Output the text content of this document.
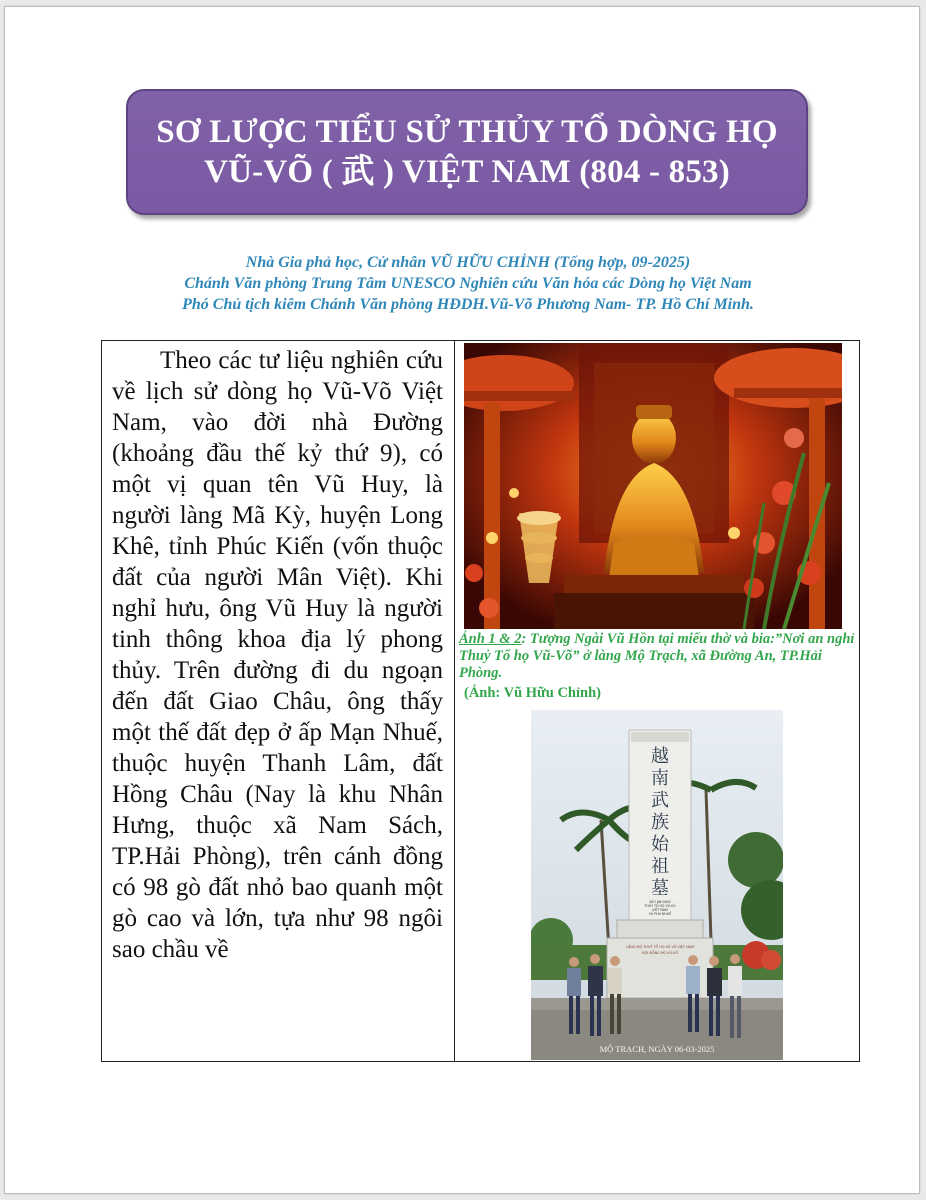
SƠ LƯỢC TIỂU SỬ THỦY TỔ DÒNG HỌ
VŨ-VÕ ( 武 ) VIỆT NAM (804 - 853)
Nhà Gia phả học, Cử nhân VŨ HỮU CHỈNH (Tổng hợp, 09-2025)
Chánh Văn phòng Trung Tâm UNESCO Nghiên cứu Văn hóa các Dòng họ Việt Nam
Phó Chủ tịch kiêm Chánh Văn phòng HĐDH.Vũ-Võ Phương Nam- TP. Hồ Chí Minh.
Theo các tư liệu nghiên cứu về lịch sử dòng họ Vũ-Võ Việt Nam, vào đời nhà Đường (khoảng đầu thế kỷ thứ 9), có một vị quan tên Vũ Huy, là người làng Mã Kỳ, huyện Long Khê, tỉnh Phúc Kiến (vốn thuộc đất của người Mân Việt). Khi nghỉ hưu, ông Vũ Huy là người tinh thông khoa địa lý phong thủy. Trên đường đi du ngoạn đến đất Giao Châu, ông thấy một thế đất đẹp ở ấp Mạn Nhuế, thuộc huyện Thanh Lâm, đất Hồng Châu (Nay là khu Nhân Hưng, thuộc xã Nam Sách, TP.Hải Phòng), trên cánh đồng có 98 gò đất nhỏ bao quanh một gò cao và lớn, tựa như 98 ngôi sao chầu về
Ảnh 1 & 2: Tượng Ngài Vũ Hồn tại miếu thờ và bia:”Nơi an nghỉ Thuỷ Tổ họ Vũ-Võ” ở làng Mộ Trạch, xã Đường An, TP.Hải Phòng.
(Ảnh: Vũ Hữu Chỉnh)
越
南
武
族
始
祖
墓
NƠI AN NGHỈ
THỦY TỔ HỌ VŨ-VÕ
VIỆT NAM
VŨ PHU NHUẾ
LĂNG MỘ THUỶ TỔ HỌ VŨ VÕ VIỆT NAM
HỘI ĐỒNG HỌ VŨ-VÕ
MỘ TRẠCH, NGÀY 06-03-2025
